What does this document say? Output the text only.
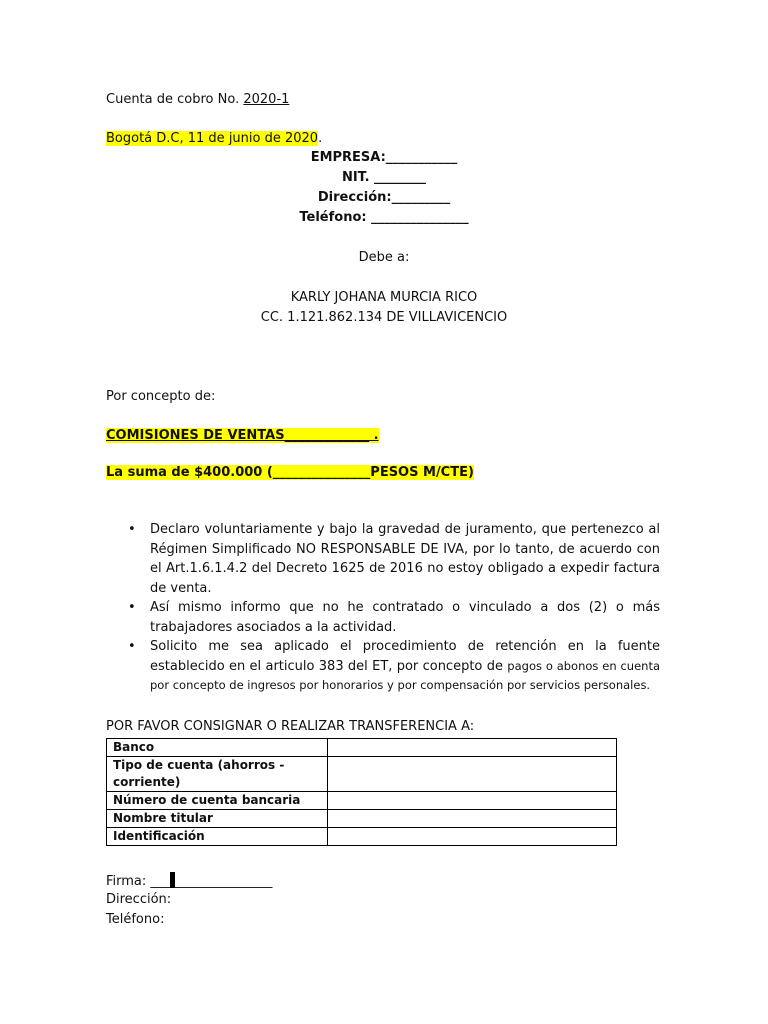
Cuenta de cobro No. 2020-1
Bogotá D.C, 11 de junio de 2020.
EMPRESA:___________
NIT. ________
Dirección:_________
Teléfono: _______________
Debe a:
KARLY JOHANA MURCIA RICO
CC. 1.121.862.134 DE VILLAVICENCIO
Por concepto de:
COMISIONES DE VENTAS_____________ .
La suma de $400.000 (_______________PESOS M/CTE)
• Declaro voluntariamente y bajo la gravedad de juramento, que pertenezco al Régimen Simplificado NO RESPONSABLE DE IVA, por lo tanto, de acuerdo con el Art.1.6.1.4.2 del Decreto 1625 de 2016 no estoy obligado a expedir factura de venta.
• Así mismo informo que no he contratado o vinculado a dos (2) o más trabajadores asociados a la actividad.
• Solicito me sea aplicado el procedimiento de retención en la fuente establecido en el articulo 383 del ET, por concepto de pagos o abonos en cuenta por concepto de ingresos por honorarios y por compensación por servicios personales.
POR FAVOR CONSIGNAR O REALIZAR TRANSFERENCIA A:
Banco	
Tipo de cuenta (ahorros - corriente)	
Número de cuenta bancaria	
Nombre titular	
Identificación	
Firma: ___ _______________
Dirección:
Teléfono:
